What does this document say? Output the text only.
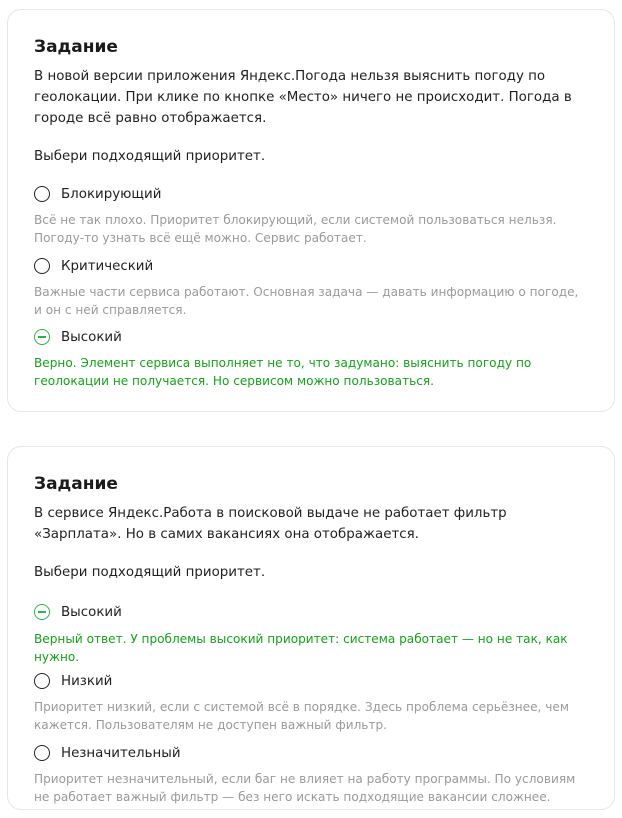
Задание
В новой версии приложения Яндекс.Погода нельзя выяснить погоду по геолокации. При клике по кнопке «Место» ничего не происходит. Погода в городе всё равно отображается.
Выбери подходящий приоритет.
Блокирующий
Всё не так плохо. Приоритет блокирующий, если системой пользоваться нельзя. Погоду-то узнать всё ещё можно. Сервис работает.
Критический
Важные части сервиса работают. Основная задача — давать информацию о погоде, и он с ней справляется.
Высокий
Верно. Элемент сервиса выполняет не то, что задумано: выяснить погоду по геолокации не получается. Но сервисом можно пользоваться.
Задание
В сервисе Яндекс.Работа в поисковой выдаче не работает фильтр «Зарплата». Но в самих вакансиях она отображается.
Выбери подходящий приоритет.
Высокий
Верный ответ. У проблемы высокий приоритет: система работает — но не так, как нужно.
Низкий
Приоритет низкий, если с системой всё в порядке. Здесь проблема серьёзнее, чем кажется. Пользователям не доступен важный фильтр.
Незначительный
Приоритет незначительный, если баг не влияет на работу программы. По условиям не работает важный фильтр — без него искать подходящие вакансии сложнее.
